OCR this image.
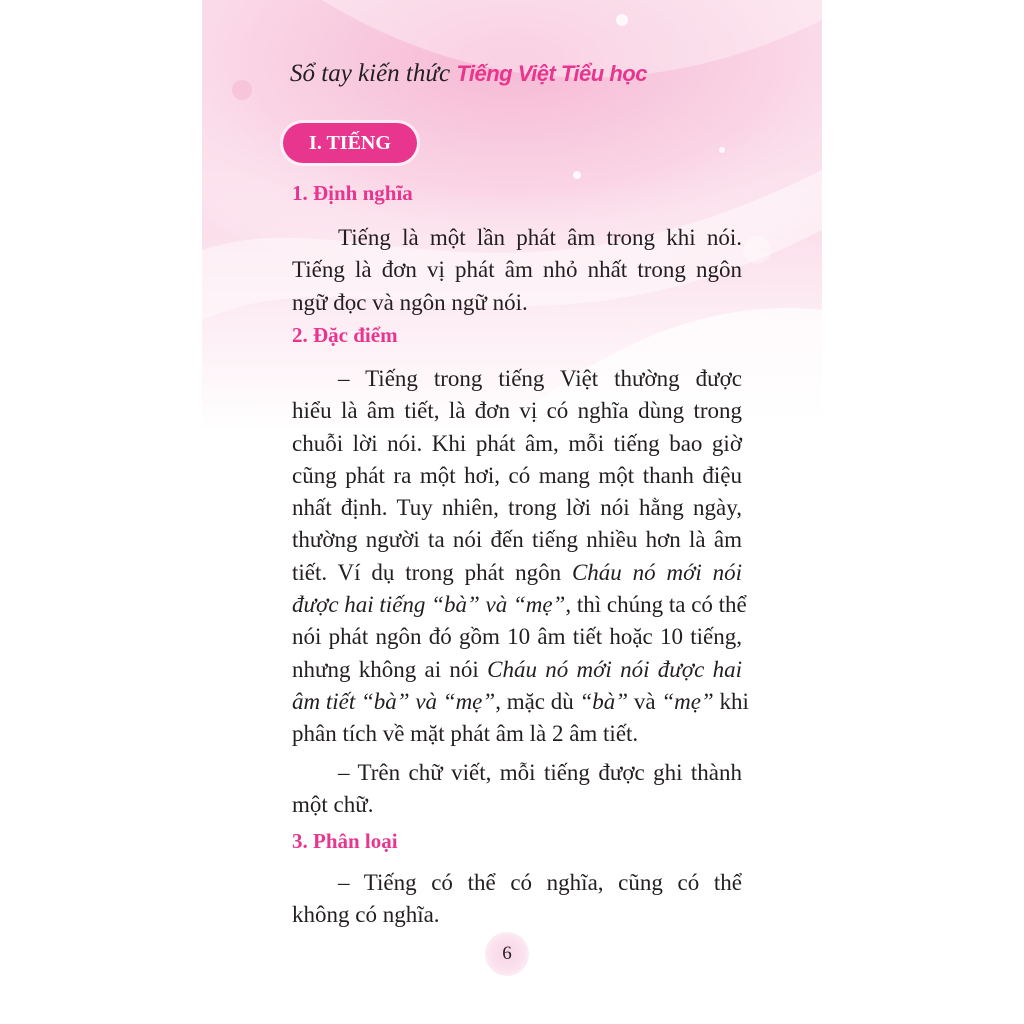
Sổ tay kiến thức Tiếng Việt Tiểu học
I. TIẾNG
1. Định nghĩa
Tiếng là một lần phát âm trong khi nói.
Tiếng là đơn vị phát âm nhỏ nhất trong ngôn
ngữ đọc và ngôn ngữ nói.
2. Đặc điểm
– Tiếng trong tiếng Việt thường được
hiểu là âm tiết, là đơn vị có nghĩa dùng trong
chuỗi lời nói. Khi phát âm, mỗi tiếng bao giờ
cũng phát ra một hơi, có mang một thanh điệu
nhất định. Tuy nhiên, trong lời nói hằng ngày,
thường người ta nói đến tiếng nhiều hơn là âm
tiết. Ví dụ trong phát ngôn Cháu nó mới nói
được hai tiếng “bà” và “mẹ”, thì chúng ta có thể
nói phát ngôn đó gồm 10 âm tiết hoặc 10 tiếng,
nhưng không ai nói Cháu nó mới nói được hai
âm tiết “bà” và “mẹ”, mặc dù “bà” và “mẹ” khi
phân tích về mặt phát âm là 2 âm tiết.
– Trên chữ viết, mỗi tiếng được ghi thành
một chữ.
3. Phân loại
– Tiếng có thể có nghĩa, cũng có thể
không có nghĩa.
6
